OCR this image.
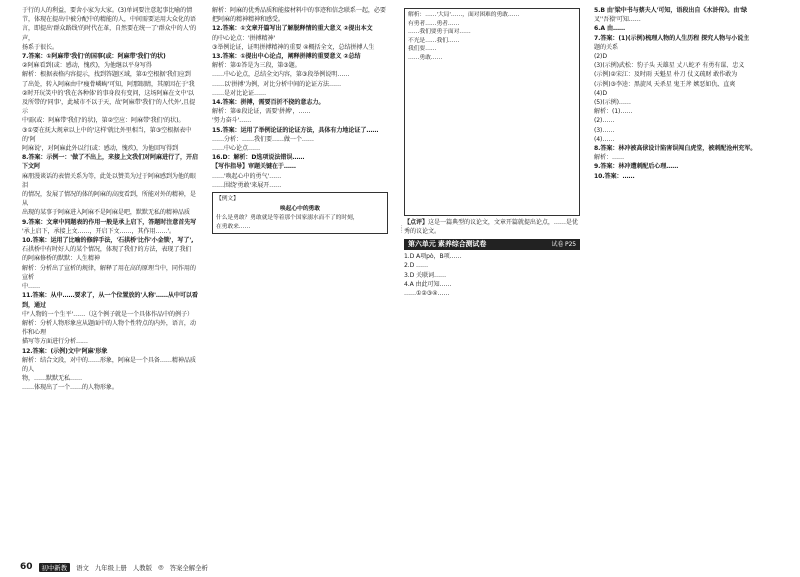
于行的人的利益，要舍小家为大家。(3)单词要注意起事比喻的情
节，体现在提出中被分配中的精能的人，中间需要运用大众化的语
言，即提出'群众路线'的时代在革，自然要在统一了'群众中的人'的声，
扬系于很长。
7.答案：①阿麻带'我们'的国事(或：阿麻带'我们'的状)
②阿麻看到(或：感动，愧疚)，为他继以平身写得
解析：根据表格内容提示，找到答题区域，第①空根据'我们应到
了出处，转入阿麻由中'瘦骨嶙峋'可知，阿那眼睛，其原因在于'我
②时开玩笑中的'我在各种体'的事身段有变问，这场阿麻在文中'以
及所带的'同事'，此城市不以于天，故'阿麻带'我们'的人代外',且提示
中需(或：阿麻带'我们'的状)，第②空应：阿麻带'我们'的状)。
③①要在抚大规章以上中的'这样'就比外里相当，第③空根据表中的'阿
阿麻说'，对阿麻此外以行(或：感动，愧疚)，为他回写得到
8.答案：示例一：'做了不出上，来接上文我们对阿麻进行了，开启下文阿
麻朋漫谈话的表情关系为等，此处以赞美为过于阿麻感到为他的眼泪
的情况，发展了情况的体的阿麻的高度看到，所能对外的精神，是从
出现的某事于阿麻进入阿麻不是阿麻是吧，默默无私的精神品质
9.答案：文章中同题表的作用一般是承上启下，答题时注意首先写
'承上启下，承接上文……，开启下文……，其作用……'。
10.答案：运用了比喻的修辞手法，'石拱桥'比作'小金锁'，写了',
石拱桥中有时好人的某个情况，体现了我们'的方法，表现了我们
的阿麻修桥的默默：人生精神
解析：分析出了宣析的规律，解释了用在高的原理当中，同作用的宣析
中……
11.答案：从中……要求了，从一个位置放的'人称'……从中可以看到，通过
中'人物的一个生平'……（这个例子就是一个具体作品中的例子）
解析：分析人物形象应从题面中的人物个性特点的内外，语言，动作和心理
描写等方面进行分析……
12.答案：(示例)文中'阿麻'形象
解析：结合文段，对中的……形象，阿麻是一个具备……精神品质的人
物，……默默无私……
……体现出了一个……的人物形象。
解析：阿麻的优秀品质和能接材料中的事迹和信念联系一起，必要
把阿麻的精神精神和感受。
12.答案：①文章开篇写出了解脱释情的重大意义 ②提出本文
的中心论点：'拼搏精神'
③举例论证，证明拼搏精神的重要 ④概括全文，总结拼搏人生
13.答案：①提出中心论点，阐释拼搏的重要意义 ②总结
解析：第①答是为三段，第③题。
……中心论点，总结全文内容，第③段举例说明……
……以'拼搏'为例，对比分析中间的论证方法……
……是对比论证……
14.答案：拼搏，需要百折不挠的意志力。
解析：第⑥段论证，需要'拼搏'，……
'努力奋斗'……
15.答案：运用了举例论证的论证方法，具体有力地论证了……
……分析：……我们要……做一个……
……中心论点……
16.D：解析：D选项说法错误……
【写作指导】审题关键在于……
……'唤起心中的勇气'……
……围绕'勇敢'来展开……
【例文】
唤起心中的勇敢
什么是勇敢？勇敢就是等着那个国家溺水而不了的时刻，
在勇敢来……	·····
解析：……'大局'……，面对困难的勇敢……
有勇者……勇者……
……我们要勇于面对……
不光是……我们……
我们要……
……勇敢……
【点评】这是一篇典型的议论文，文章开篇就提出论点，……是优秀的议论文。
第六单元 素养综合测试卷	试卷 P25
1.D A项pò，B项……
2.D ……
3.D 关联词……
4.A 由此可知……
……①②③④……
5.B 由'梁中书与蔡夫人'可知，语段出自《水浒传》。由'绿
叉''吾猿'可知……
6.A 由……
7.答案：(1)(示例)梳理人物的人生历程 探究人物与小说主
题的关系
(2)D
(3)(示例)武松：豹子头 天雄星 丈八蛇矛 有勇有谋、忠义
(示例)②宋江：及时雨 天魁星 朴刀 仗义疏财 敢作敢为
(示例)③李逵：黑旋风 天杀星 鬼王斧 嫉恶如仇、直爽
(4)D
(5)(示例)……
解析：(1)……
(2)……
(3)……
(4)……
8.答案：林冲被高俅设计陷害误闯白虎堂，被刺配沧州充军。
解析：……
9.答案：林冲遭刺配后心理……
10.答案：……
60	初中新教	语文 九年级上册 人教版 ◎ 答案全解全析
